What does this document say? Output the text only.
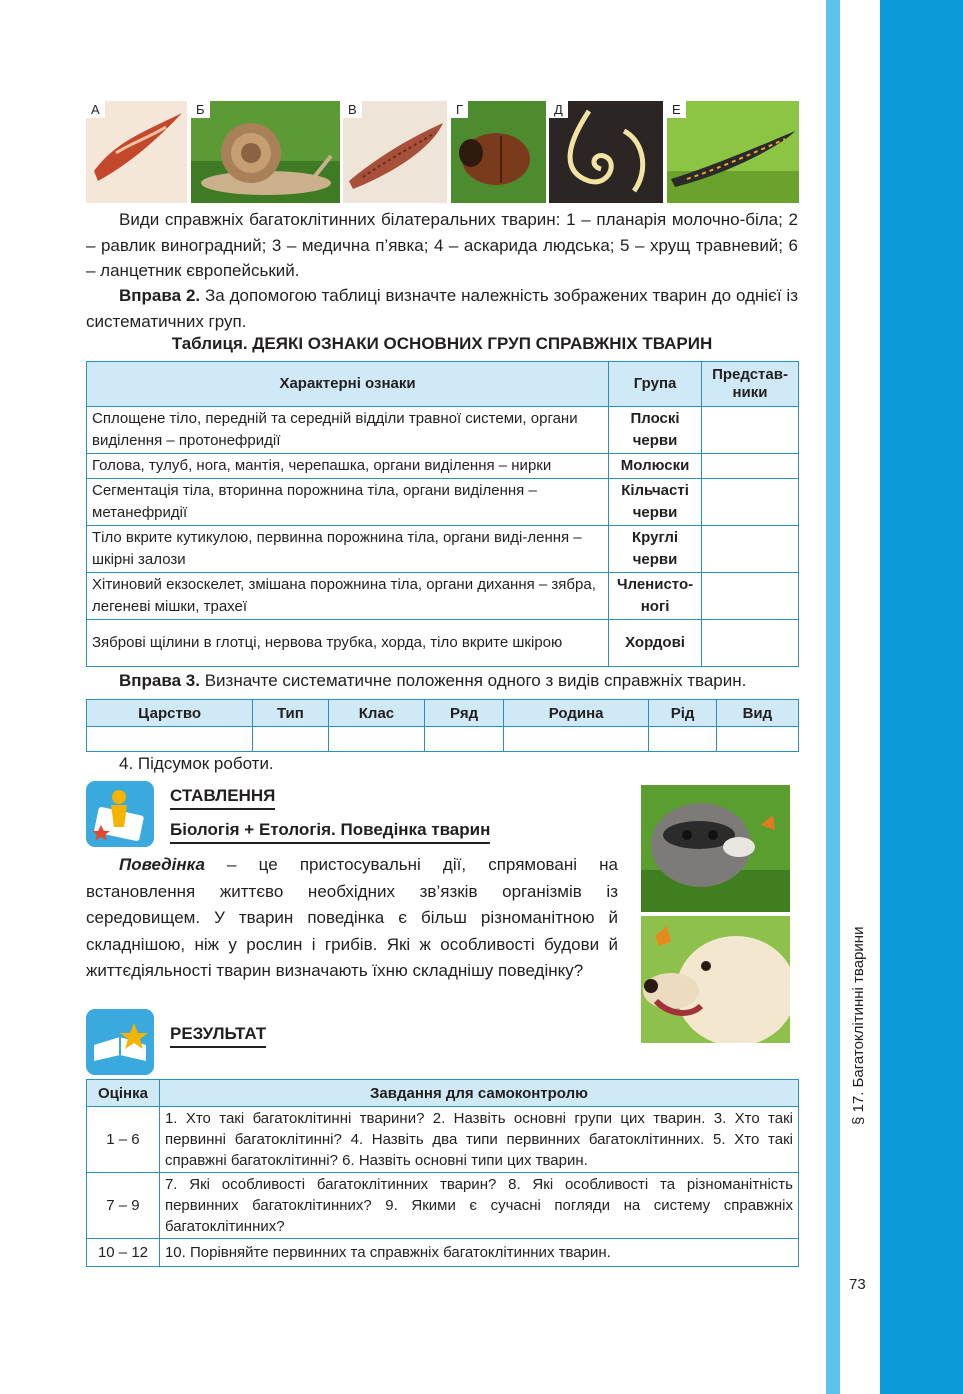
§ 17. Багатоклітинні тварини
73
А	Б	В	Г	Д	Е
Види справжніх багатоклітинних білатеральних тварин: 1 – планарія молочно-біла; 2 – равлик виноградний; 3 – медична п’явка; 4 – аскарида людська; 5 – хрущ травневий; 6 – ланцетник європейський.
Вправа 2. За допомогою таблиці визначте належність зображених тварин до однієї із систематичних груп.
Таблиця. ДЕЯКІ ОЗНАКИ ОСНОВНИХ ГРУП СПРАВЖНІХ ТВАРИН
Характерні ознаки	Група	Представ-ники
Сплощене тіло, передній та середній відділи травної системи, органи виділення – протонефридії	Плоскі черви	
Голова, тулуб, нога, мантія, черепашка, органи виділення – нирки	Молюски	
Сегментація тіла, вторинна порожнина тіла, органи виділення – метанефридії	Кільчасті черви	
Тіло вкрите кутикулою, первинна порожнина тіла, органи виді-лення – шкірні залози	Круглі черви	
Хітиновий екзоскелет, змішана порожнина тіла, органи дихання – зябра, легеневі мішки, трахеї	Членисто-ногі	
Зяброві щілини в глотці, нервова трубка, хорда, тіло вкрите шкірою	Хордові	
Вправа 3. Визначте систематичне положення одного з видів справжніх тварин.
Царство	Тип	Клас	Ряд	Родина	Рід	Вид

4. Підсумок роботи.
СТАВЛЕННЯ
Біологія + Етологія. Поведінка тварин
Поведінка – це пристосувальні дії, спрямовані на встановлення життєво необхідних зв’язків організмів із середовищем. У тварин поведінка є більш різноманітною й складнішою, ніж у рослин і грибів. Які ж особливості будови й життєдіяльності тварин визначають їхню складнішу поведінку?
РЕЗУЛЬТАТ
Оцінка	Завдання для самоконтролю
1 – 6	1. Хто такі багатоклітинні тварини? 2. Назвіть основні групи цих тварин. 3. Хто такі первинні багатоклітинні? 4. Назвіть два типи первинних багатоклітинних. 5. Хто такі справжні багатоклітинні? 6. Назвіть основні типи цих тварин.
7 – 9	7. Які особливості багатоклітинних тварин? 8. Які особливості та різноманітність первинних багатоклітинних? 9. Якими є сучасні погляди на систему справжніх багатоклітинних?
10 – 12	10. Порівняйте первинних та справжніх багатоклітинних тварин.
